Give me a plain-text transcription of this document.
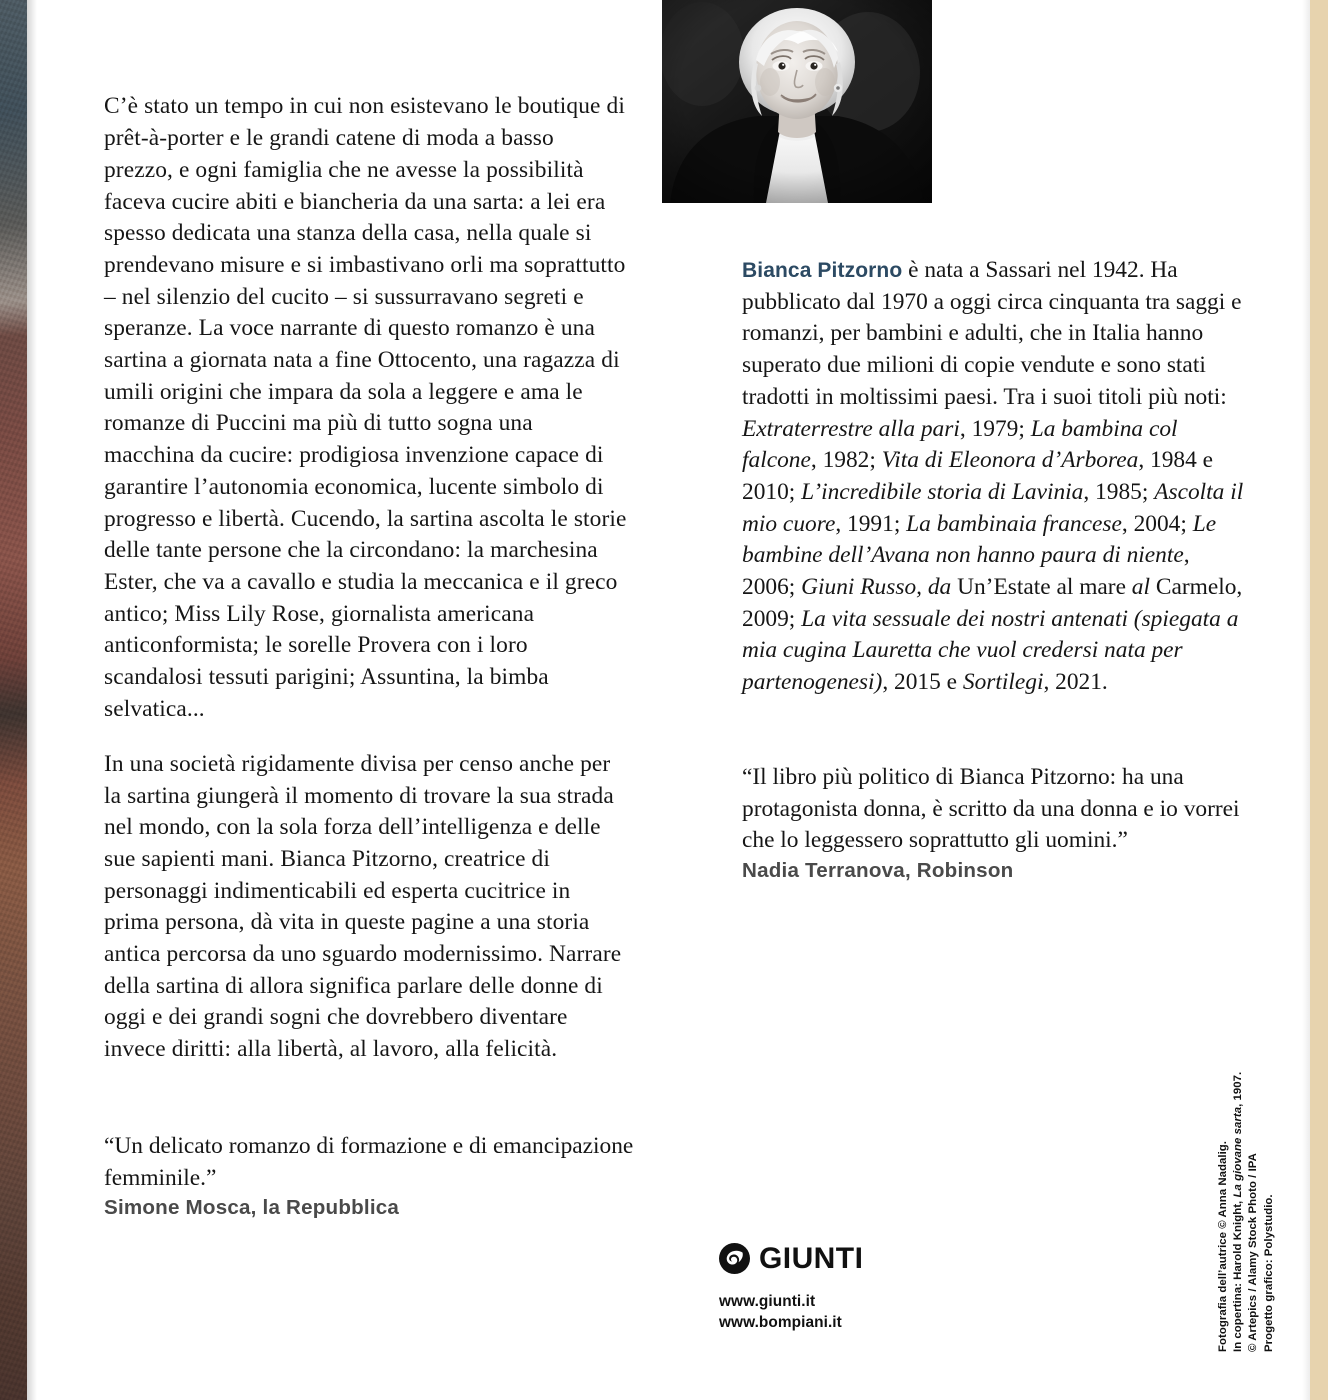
C’è stato un tempo in cui non esistevano le boutique di prêt-à-porter e le grandi catene di moda a basso prezzo, e ogni famiglia che ne avesse la possibilità faceva cucire abiti e biancheria da una sarta: a lei era spesso dedicata una stanza della casa, nella quale si prendevano misure e si imbastivano orli ma soprattutto – nel silenzio del cucito – si sussurravano segreti e speranze. La voce narrante di questo romanzo è una sartina a giornata nata a fine Ottocento, una ragazza di umili origini che impara da sola a leggere e ama le romanze di Puccini ma più di tutto sogna una macchina da cucire: prodigiosa invenzione capace di garantire l’autonomia economica, lucente simbolo di progresso e libertà. Cucendo, la sartina ascolta le storie delle tante persone che la circondano: la marchesina Ester, che va a cavallo e studia la meccanica e il greco antico; Miss Lily Rose, giornalista americana anticonformista; le sorelle Provera con i loro scandalosi tessuti parigini; Assuntina, la bimba selvatica...

In una società rigidamente divisa per censo anche per la sartina giungerà il momento di trovare la sua strada nel mondo, con la sola forza dell’intelligenza e delle sue sapienti mani. Bianca Pitzorno, creatrice di personaggi indimenticabili ed esperta cucitrice in prima persona, dà vita in queste pagine a una storia antica percorsa da uno sguardo modernissimo. Narrare della sartina di allora significa parlare delle donne di oggi e dei grandi sogni che dovrebbero diventare invece diritti: alla libertà, al lavoro, alla felicità.

“Un delicato romanzo di formazione e di emancipazione femminile.”
Simone Mosca, la Repubblica
Bianca Pitzorno è nata a Sassari nel 1942. Ha pubblicato dal 1970 a oggi circa cinquanta tra saggi e romanzi, per bambini e adulti, che in Italia hanno superato due milioni di copie vendute e sono stati tradotti in moltissimi paesi. Tra i suoi titoli più noti: Extraterrestre alla pari, 1979; La bambina col falcone, 1982; Vita di Eleonora d’Arborea, 1984 e 2010; L’incredibile storia di Lavinia, 1985; Ascolta il mio cuore, 1991; La bambinaia francese, 2004; Le bambine dell’Avana non hanno paura di niente, 2006; Giuni Russo, da Un’Estate al mare al Carmelo, 2009; La vita sessuale dei nostri antenati (spiegata a mia cugina Lauretta che vuol credersi nata per partenogenesi), 2015 e Sortilegi, 2021.
“Il libro più politico di Bianca Pitzorno: ha una protagonista donna, è scritto da una donna e io vorrei che lo leggessero soprattutto gli uomini.”
Nadia Terranova, Robinson
GIUNTI
www.giunti.it
www.bompiani.it	Fotografia dell’autrice © Anna Nadalig. In copertina: Harold Knight, La giovane sarta, 1907.
© Artepics / Alamy Stock Photo / IPA Progetto grafico: Polystudio.
